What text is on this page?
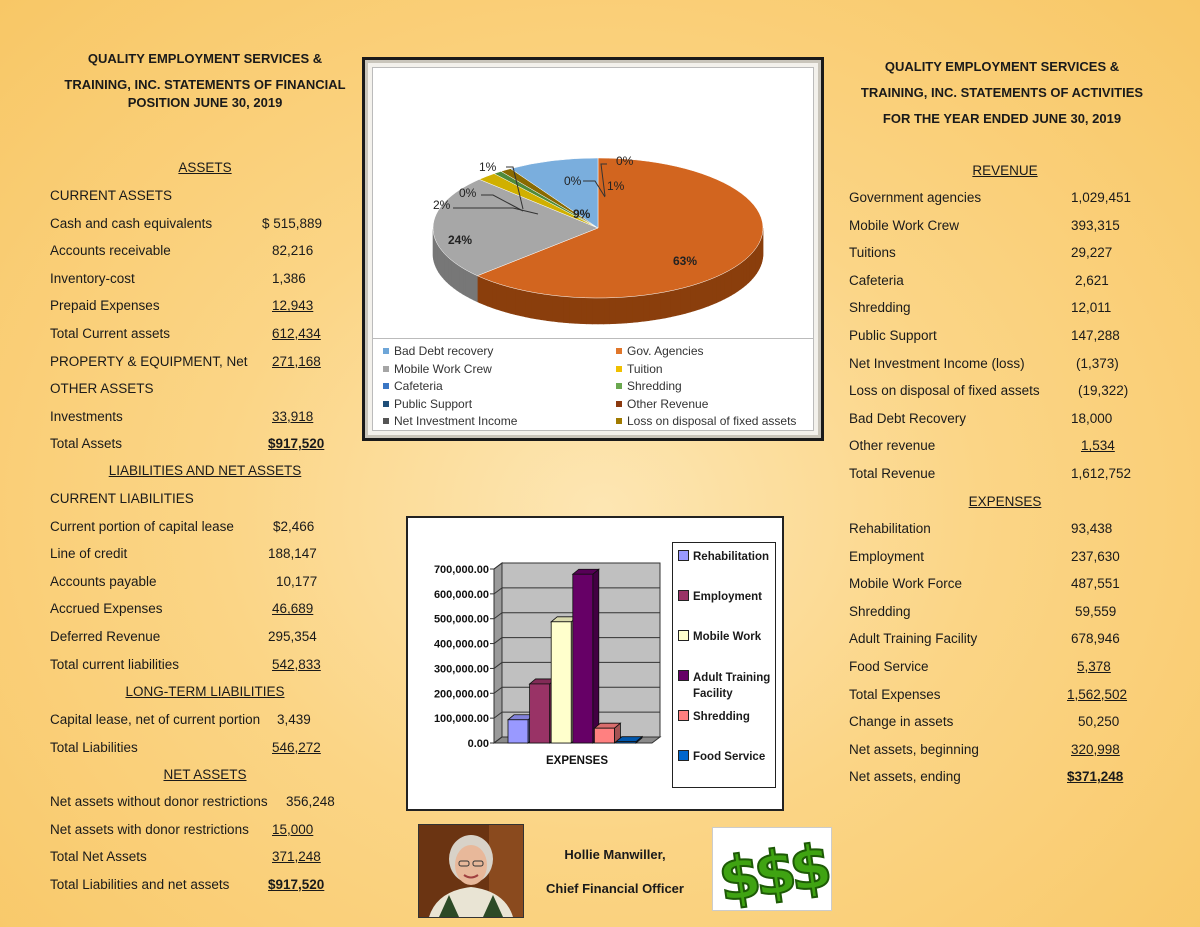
QUALITY EMPLOYMENT SERVICES &
TRAINING, INC. STATEMENTS OF FINANCIAL
POSITION JUNE 30, 2019
ASSETS
CURRENT ASSETS
Cash and cash equivalents	$ 515,889
Accounts receivable	82,216
Inventory-cost	1,386
Prepaid Expenses	12,943
Total Current assets	612,434
PROPERTY & EQUIPMENT, Net 271,168
OTHER ASSETS
Investments	33,918
Total Assets	$917,520
LIABILITIES AND NET ASSETS
CURRENT LIABILITIES
Current portion of capital lease	$2,466
Line of credit	188,147
Accounts payable	10,177
Accrued Expenses	46,689
Deferred Revenue	295,354
Total current liabilities	542,833
LONG-TERM LIABILITIES
Capital lease, net of current portion 3,439
Total Liabilities	546,272
NET ASSETS
Net assets without donor restrictions 356,248
Net assets with donor restrictions 15,000
Total Net Assets	371,248
Total Liabilities and net assets	$917,520
QUALITY EMPLOYMENT SERVICES &
TRAINING, INC. STATEMENTS OF ACTIVITIES
FOR THE YEAR ENDED JUNE 30, 2019
REVENUE
Government agencies	1,029,451
Mobile Work Crew	393,315
Tuitions	29,227
Cafeteria	2,621
Shredding	12,011
Public Support	147,288
Net Investment Income (loss)	(1,373)
Loss on disposal of fixed assets	(19,322)
Bad Debt Recovery	18,000
Other revenue	1,534
Total Revenue	1,612,752
EXPENSES
Rehabilitation	93,438
Employment	237,630
Mobile Work Force	487,551
Shredding	59,559
Adult Training Facility	678,946
Food Service	5,378
Total Expenses	1,562,502
Change in assets	50,250
Net assets, beginning	320,998
Net assets, ending	$371,248
63%
24%
9%
2%
1%	0%
0%	1%
0%
Bad Debt recovery	Gov. Agencies
Mobile Work Crew	Tuition
Cafeteria	Shredding
Public Support	Other Revenue
Net Investment Income	Loss on disposal of fixed assets
0.00
100,000.00
200,000.00
300,000.00
400,000.00
500,000.00
600,000.00
700,000.00
EXPENSES
Rehabilitation
Employment
Mobile Work
Adult Training Facility
Shredding
Food Service
Hollie Manwiller,
Chief Financial Officer $$$
